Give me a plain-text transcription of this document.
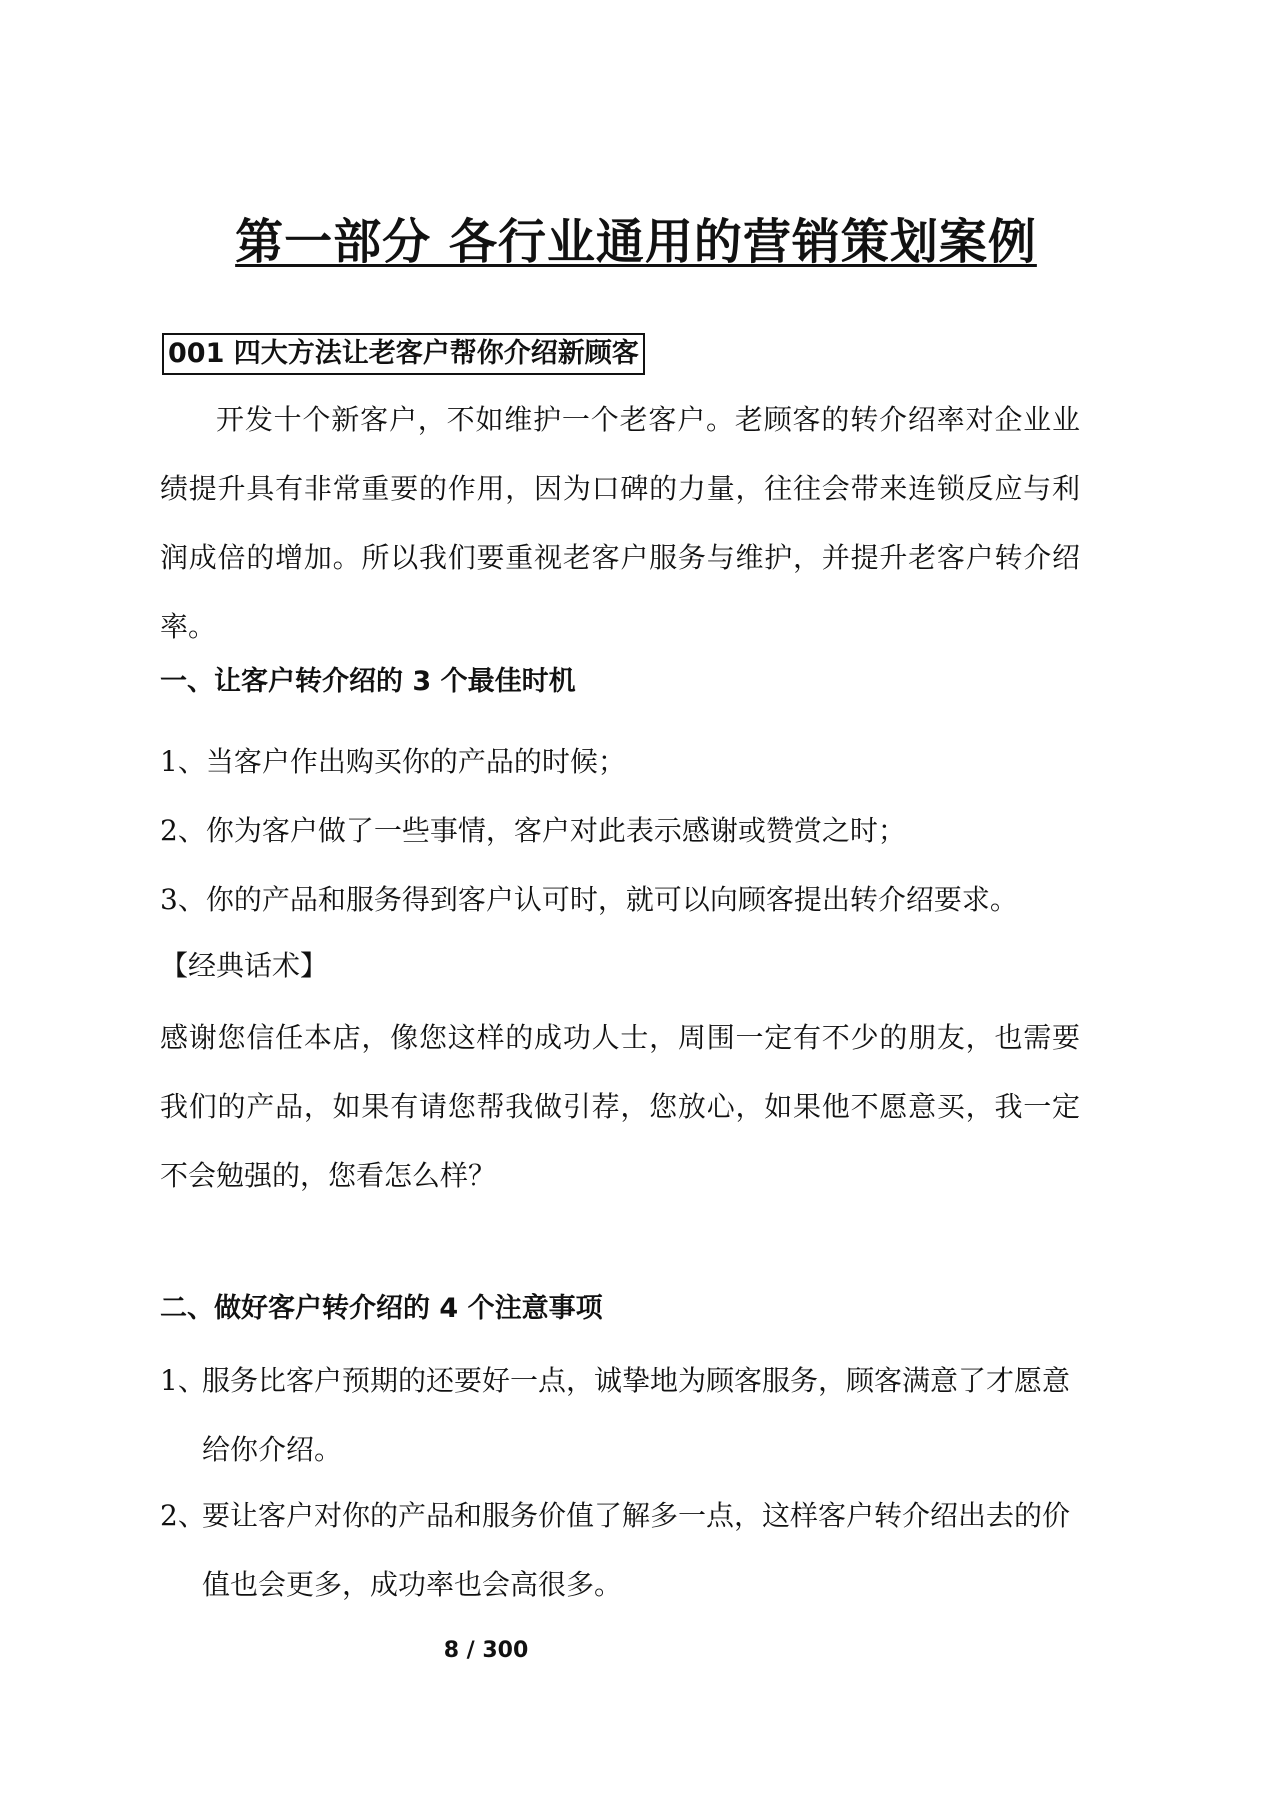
第一部分 各行业通用的营销策划案例
001 四大方法让老客户帮你介绍新顾客
开发十个新客户，不如维护一个老客户。老顾客的转介绍率对企业业绩提升具有非常重要的作用，因为口碑的力量，往往会带来连锁反应与利润成倍的增加。所以我们要重视老客户服务与维护，并提升老客户转介绍率。
一、让客户转介绍的 3 个最佳时机
1、当客户作出购买你的产品的时候；
2、你为客户做了一些事情，客户对此表示感谢或赞赏之时；
3、你的产品和服务得到客户认可时，就可以向顾客提出转介绍要求。
【经典话术】
感谢您信任本店，像您这样的成功人士，周围一定有不少的朋友，也需要我们的产品，如果有请您帮我做引荐，您放心，如果他不愿意买，我一定不会勉强的，您看怎么样？
二、做好客户转介绍的 4 个注意事项
1、
服务比客户预期的还要好一点，诚挚地为顾客服务，顾客满意了才愿意给你介绍。
2、
要让客户对你的产品和服务价值了解多一点，这样客户转介绍出去的价值也会更多，成功率也会高很多。
8 / 300
